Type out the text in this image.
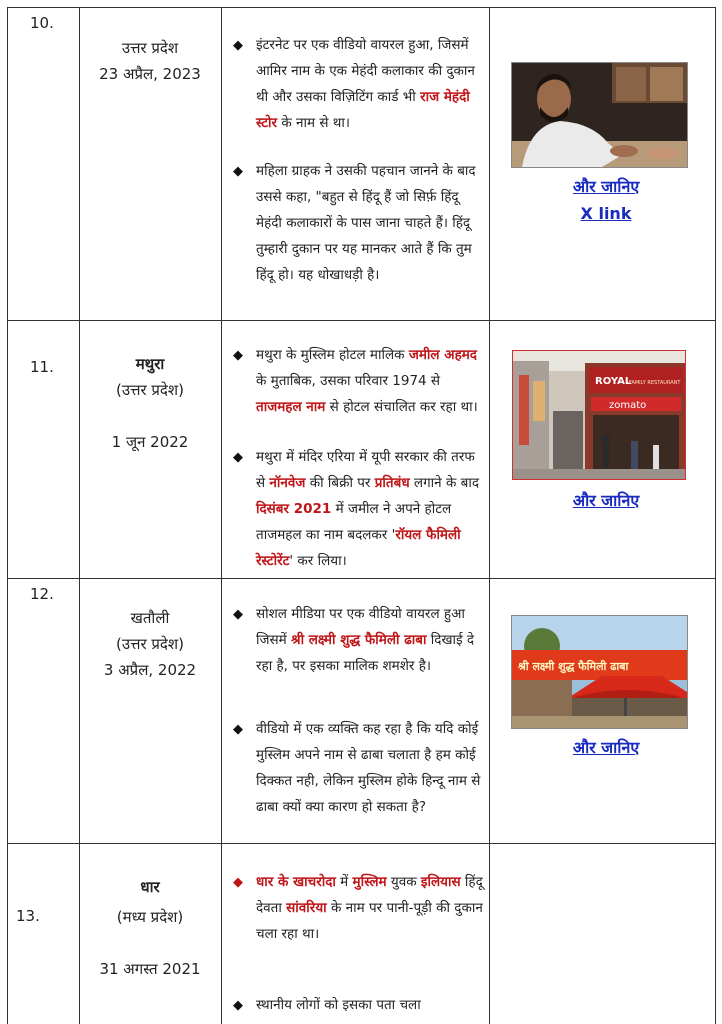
10.
उत्तर प्रदेश
23 अप्रैल, 2023
◆ इंटरनेट पर एक वीडियो वायरल हुआ, जिसमें आमिर नाम के एक मेहंदी कलाकार की दुकान थी और उसका विज़िटिंग कार्ड भी राज मेहंदी स्टोर के नाम से था।
◆ महिला ग्राहक ने उसकी पहचान जानने के बाद उससे कहा, "बहुत से हिंदू हैं जो सिर्फ़ हिंदू मेहंदी कलाकारों के पास जाना चाहते हैं। हिंदू तुम्हारी दुकान पर यह मानकर आते हैं कि तुम हिंदू हो। यह धोखाधड़ी है।
और जानिए
X link
11.	मथुरा
(उत्तर प्रदेश)
1 जून 2022
◆ मथुरा के मुस्लिम होटल मालिक जमील अहमद के मुताबिक, उसका परिवार 1974 से ताजमहल नाम से होटल संचालित कर रहा था।
◆ मथुरा में मंदिर एरिया में यूपी सरकार की तरफ से नॉनवेज की बिक्री पर प्रतिबंध लगाने के बाद दिसंबर 2021 में जमील ने अपने होटल ताजमहल का नाम बदलकर 'रॉयल फैमिली रेस्टोरेंट' कर लिया।
ROYAL
FAMILY RESTAURANT
zomato
और जानिए
12.
खतौली
(उत्तर प्रदेश)
3 अप्रैल, 2022
◆ सोशल मीडिया पर एक वीडियो वायरल हुआ जिसमें श्री लक्ष्मी शुद्ध फैमिली ढाबा दिखाई दे रहा है, पर इसका मालिक शमशेर है।
◆ वीडियो में एक व्यक्ति कह रहा है कि यदि कोई मुस्लिम अपने नाम से ढाबा चलाता है हम कोई दिक्कत नही, लेकिन मुस्लिम होके हिन्दू नाम से ढाबा क्यों क्या कारण हो सकता है?
श्री लक्ष्मी शुद्ध फैमिली ढाबा
और जानिए
13.
धार
(मध्य प्रदेश)
31 अगस्त 2021
◆ धार के खाचरोदा में मुस्लिम युवक इलियास हिंदू देवता सांवरिया के नाम पर पानी-पूड़ी की दुकान चला रहा था।
◆ स्थानीय लोगों को इसका पता चला
